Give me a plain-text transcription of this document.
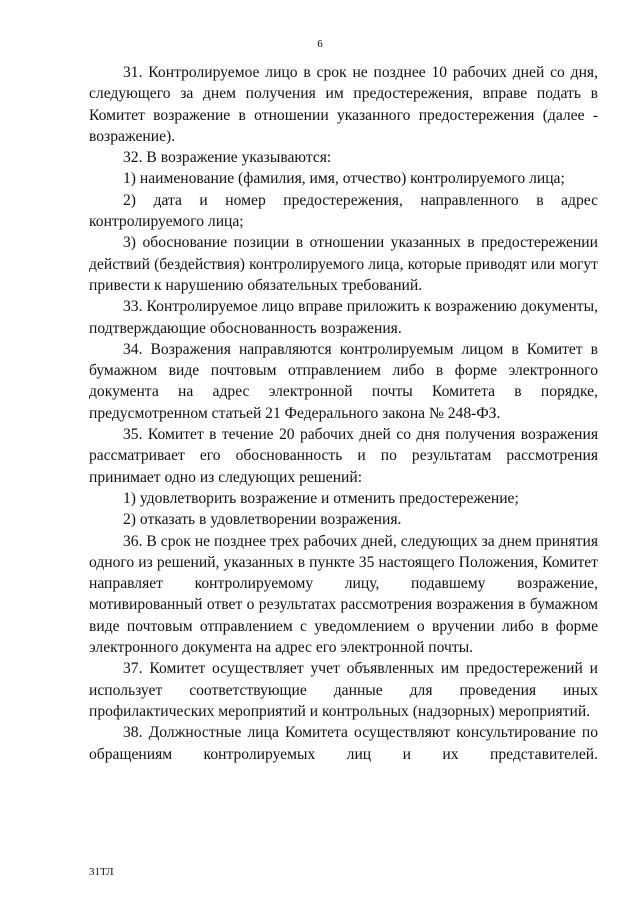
6

31. Контролируемое лицо в срок не позднее 10 рабочих дней со дня, следующего за днем получения им предостережения, вправе подать в Комитет возражение в отношении указанного предостережения (далее - возражение).

32. В возражение указываются:

1) наименование (фамилия, имя, отчество) контролируемого лица;

2) дата и номер предостережения, направленного в адрес контролируемого лица;

3) обоснование позиции в отношении указанных в предостережении действий (бездействия) контролируемого лица, которые приводят или могут привести к нарушению обязательных требований.

33. Контролируемое лицо вправе приложить к возражению документы, подтверждающие обоснованность возражения.

34. Возражения направляются контролируемым лицом в Комитет в бумажном виде почтовым отправлением либо в форме электронного документа на адрес электронной почты Комитета в порядке, предусмотренном статьей 21 Федерального закона № 248-ФЗ.

35. Комитет в течение 20 рабочих дней со дня получения возражения рассматривает его обоснованность и по результатам рассмотрения принимает одно из следующих решений:

1) удовлетворить возражение и отменить предостережение;

2) отказать в удовлетворении возражения.

36. В срок не позднее трех рабочих дней, следующих за днем принятия одного из решений, указанных в пункте 35 настоящего Положения, Комитет направляет контролируемому лицу, подавшему возражение, мотивированный ответ о результатах рассмотрения возражения в бумажном виде почтовым отправлением с уведомлением о вручении либо в форме электронного документа на адрес его электронной почты.

37. Комитет осуществляет учет объявленных им предостережений и использует соответствующие данные для проведения иных профилактических мероприятий и контрольных (надзорных) мероприятий.

38. Должностные лица Комитета осуществляют консультирование по обращениям контролируемых лиц и их представителей.

31ТЛ
